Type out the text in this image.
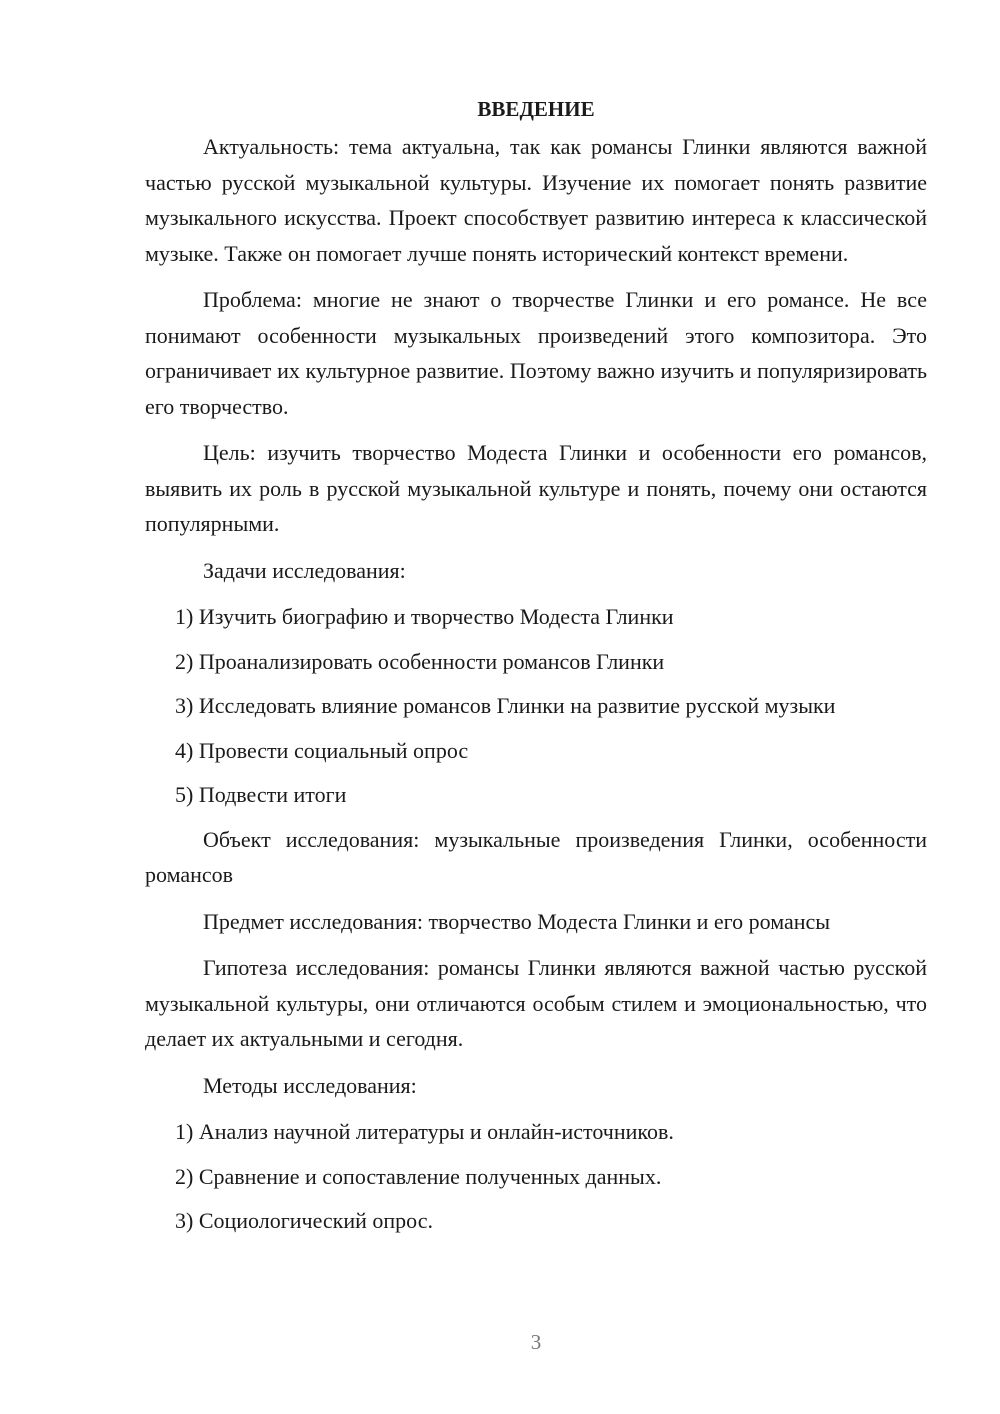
ВВЕДЕНИЕ

Актуальность: тема актуальна, так как романсы Глинки являются важной частью русской музыкальной культуры. Изучение их помогает понять развитие музыкального искусства. Проект способствует развитию интереса к классической музыке. Также он помогает лучше понять исторический контекст времени.

Проблема: многие не знают о творчестве Глинки и его романсе. Не все понимают особенности музыкальных произведений этого композитора. Это ограничивает их культурное развитие. Поэтому важно изучить и популяризировать его творчество.

Цель: изучить творчество Модеста Глинки и особенности его романсов, выявить их роль в русской музыкальной культуре и понять, почему они остаются популярными.

Задачи исследования:

1) Изучить биографию и творчество Модеста Глинки
2) Проанализировать особенности романсов Глинки
3) Исследовать влияние романсов Глинки на развитие русской музыки
4) Провести социальный опрос
5) Подвести итоги

Объект исследования: музыкальные произведения Глинки, особенности романсов

Предмет исследования: творчество Модеста Глинки и его романсы

Гипотеза исследования: романсы Глинки являются важной частью русской музыкальной культуры, они отличаются особым стилем и эмоциональностью, что делает их актуальными и сегодня.

Методы исследования:

1) Анализ научной литературы и онлайн-источников.
2) Сравнение и сопоставление полученных данных.
3) Социологический опрос.
3
